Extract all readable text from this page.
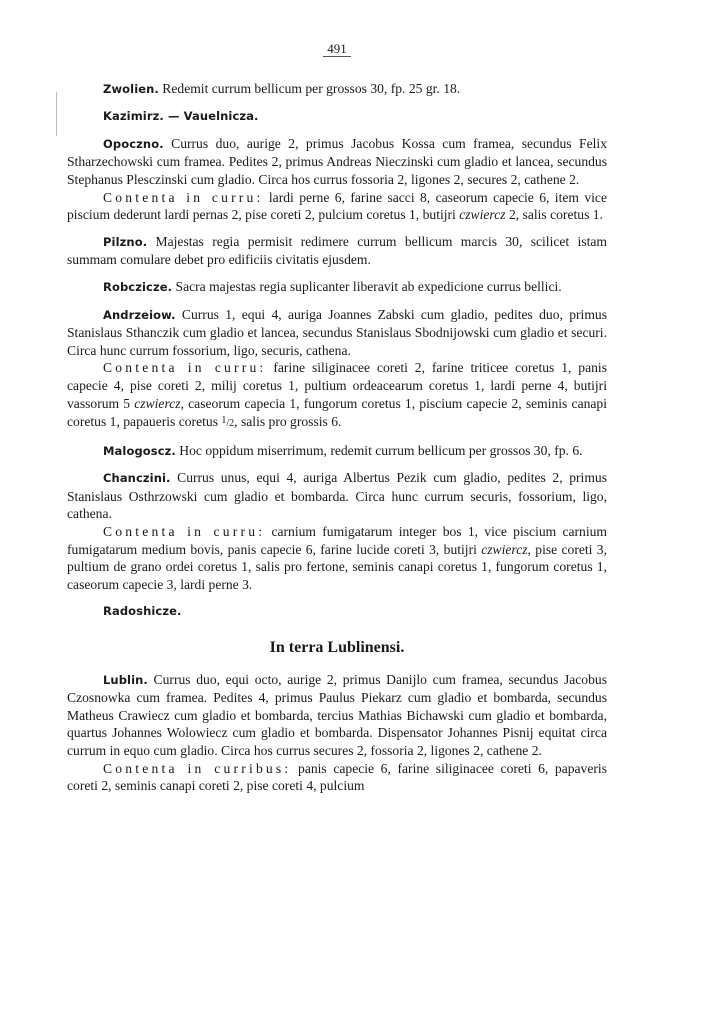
491

Zwolien. Redemit currum bellicum per grossos 30, fp. 25 gr. 18.

Kazimirz. — Vauelnicza.

Opoczno. Currus duo, aurige 2, primus Jacobus Kossa cum framea, secundus Felix Stharzechowski cum framea. Pedites 2, primus Andreas Nieczinski cum gladio et lancea, secundus Stephanus Plesczinski cum gladio. Circa hos currus fossoria 2, ligones 2, secures 2, cathene 2.

Contenta in curru: lardi perne 6, farine sacci 8, caseorum capecie 6, item vice piscium dederunt lardi pernas 2, pise coreti 2, pulcium coretus 1, butijri czwiercz 2, salis coretus 1.

Pilzno. Majestas regia permisit redimere currum bellicum marcis 30, scilicet istam summam comulare debet pro edificiis civitatis ejusdem.

Robczicze. Sacra majestas regia suplicanter liberavit ab expedicione currus bellici.

Andrzeiow. Currus 1, equi 4, auriga Joannes Zabski cum gladio, pedites duo, primus Stanislaus Sthanczik cum gladio et lancea, secundus Stanislaus Sbodnijowski cum gladio et securi. Circa hunc currum fossorium, ligo, securis, cathena.

Contenta in curru: farine siliginacee coreti 2, farine triticee coretus 1, panis capecie 4, pise coreti 2, milij coretus 1, pultium ordeacearum coretus 1, lardi perne 4, butijri vassorum 5 czwiercz, caseorum capecia 1, fungorum coretus 1, piscium capecie 2, seminis canapi coretus 1, papaueris coretus $^1$/2, salis pro grossis 6.

Malogoscz. Hoc oppidum miserrimum, redemit currum bellicum per grossos 30, fp. 6.

Chanczini. Currus unus, equi 4, auriga Albertus Pezik cum gladio, pedites 2, primus Stanislaus Osthrzowski cum gladio et bombarda. Circa hunc currum securis, fossorium, ligo, cathena.

Contenta in curru: carnium fumigatarum integer bos 1, vice piscium carnium fumigatarum medium bovis, panis capecie 6, farine lucide coreti 3, butijri czwiercz, pise coreti 3, pultium de grano ordei coretus 1, salis pro fertone, seminis canapi coretus 1, fungorum coretus 1, caseorum capecie 3, lardi perne 3.

Radoshicze.

In terra Lublinensi.

Lublin. Currus duo, equi octo, aurige 2, primus Danijlo cum framea, secundus Jacobus Czosnowka cum framea. Pedites 4, primus Paulus Piekarz cum gladio et bombarda, secundus Matheus Crawiecz cum gladio et bombarda, tercius Mathias Bichawski cum gladio et bombarda, quartus Johannes Wolowiecz cum gladio et bombarda. Dispensator Johannes Pisnij equitat circa currum in equo cum gladio. Circa hos currus secures 2, fossoria 2, ligones 2, cathene 2.

Contenta in curribus: panis capecie 6, farine siliginacee coreti 6, papaveris coreti 2, seminis canapi coreti 2, pise coreti 4, pulcium
